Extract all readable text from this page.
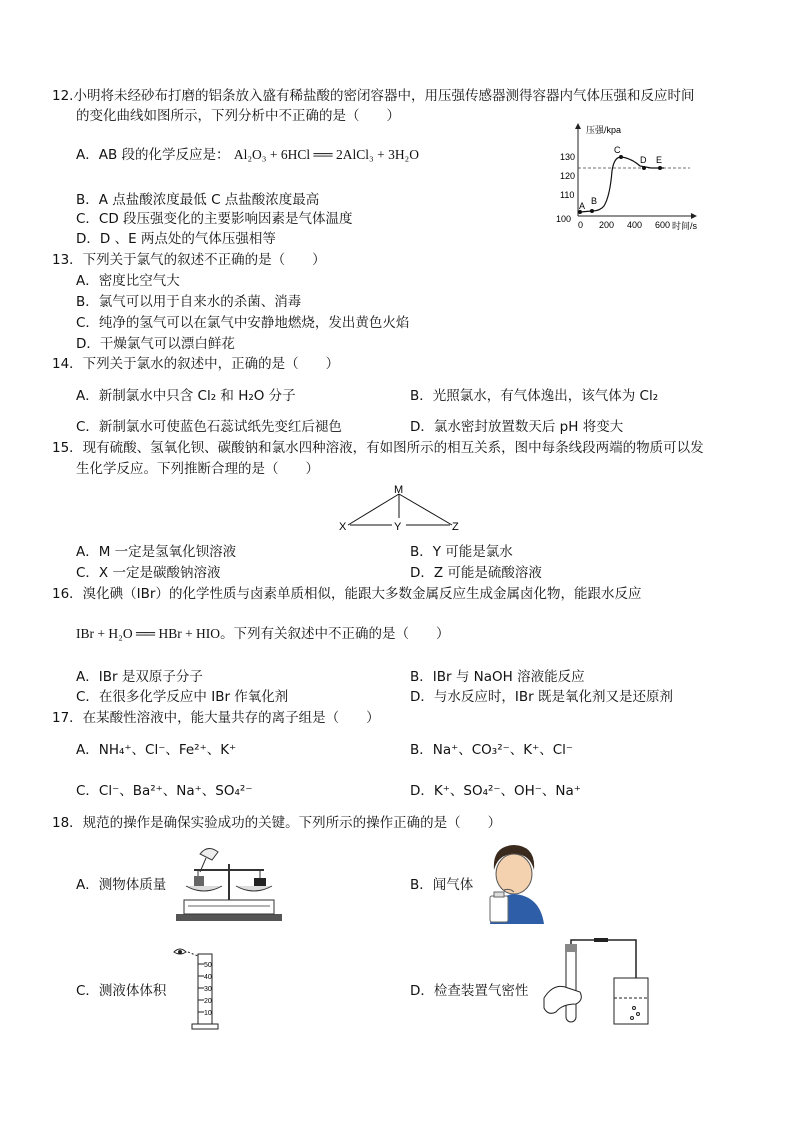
12.小明将未经砂布打磨的铝条放入盛有稀盐酸的密闭容器中，用压强传感器测得容器内气体压强和反应时间
的变化曲线如图所示，下列分析中不正确的是（　　）
A．AB 段的化学反应是： Al₂O₃ + 6HCl ══ 2AlCl₃ + 3H₂O
B．A 点盐酸浓度最低 C 点盐酸浓度最高
C．CD 段压强变化的主要影响因素是气体温度
D．D 、E 两点处的气体压强相等
压强/kpa
时间/s
130
120
110
100
0 200 400 600
A B
C
D E
13．下列关于氯气的叙述不正确的是（　　）
A．密度比空气大
B．氯气可以用于自来水的杀菌、消毒
C．纯净的氢气可以在氯气中安静地燃烧，发出黄色火焰
D．干燥氯气可以漂白鲜花
14．下列关于氯水的叙述中，正确的是（　　）
A．新制氯水中只含 Cl₂ 和 H₂O 分子	B．光照氯水，有气体逸出，该气体为 Cl₂
C．新制氯水可使蓝色石蕊试纸先变红后褪色	D．氯水密封放置数天后 pH 将变大
15．现有硫酸、氢氧化钡、碳酸钠和氯水四种溶液，有如图所示的相互关系，图中每条线段两端的物质可以发
生化学反应。下列推断合理的是（　　）
M
X	Y	Z
A．M 一定是氢氧化钡溶液	B．Y 可能是氯水
C．X 一定是碳酸钠溶液	D．Z 可能是硫酸溶液
16．溴化碘（IBr）的化学性质与卤素单质相似，能跟大多数金属反应生成金属卤化物，能跟水反应
IBr + H₂O ══ HBr + HIO。下列有关叙述中不正确的是（　　）
A．IBr 是双原子分子	B．IBr 与 NaOH 溶液能反应
C．在很多化学反应中 IBr 作氧化剂	D．与水反应时，IBr 既是氧化剂又是还原剂
17．在某酸性溶液中，能大量共存的离子组是（　　）
A．NH₄⁺、Cl⁻、Fe²⁺、K⁺	B．Na⁺、CO₃²⁻、K⁺、Cl⁻
C．Cl⁻、Ba²⁺、Na⁺、SO₄²⁻	D．K⁺、SO₄²⁻、OH⁻、Na⁺
18．规范的操作是确保实验成功的关键。下列所示的操作正确的是（　　）
A．测物体质量	B．闻气体
C．测液体体积
50
40
30
20
10
D．检查装置气密性
